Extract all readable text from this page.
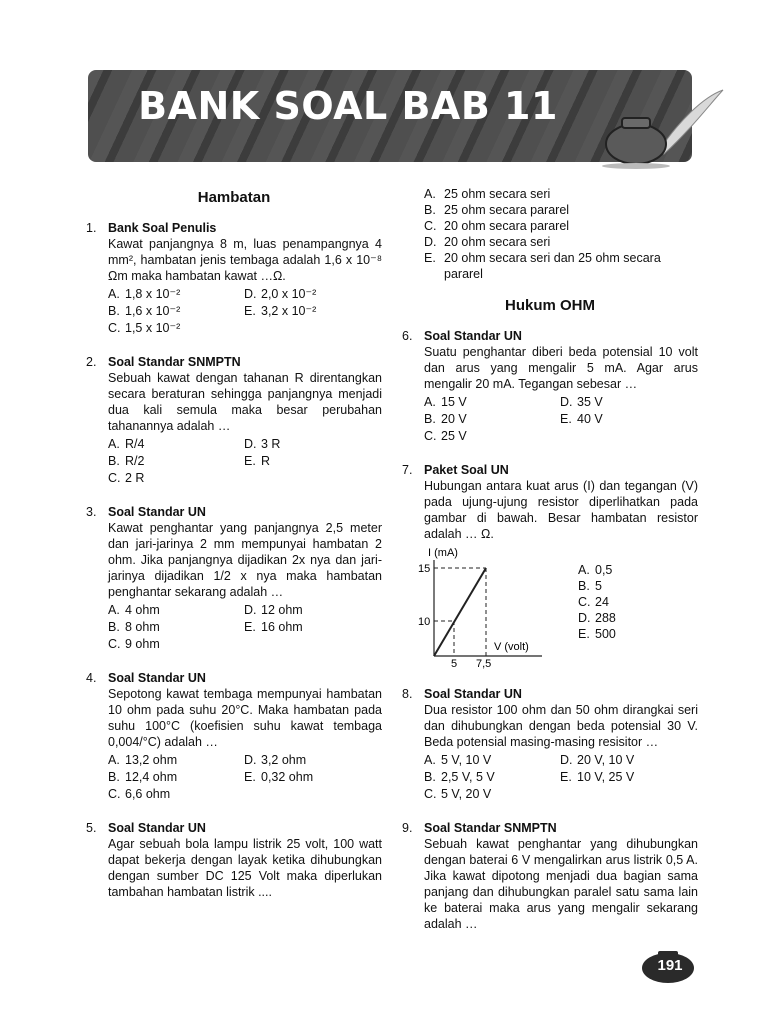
BANK SOAL BAB 11
Hambatan
1. Bank Soal Penulis
Kawat panjangnya 8 m, luas penampangnya 4 mm², hambatan jenis tembaga adalah 1,6 x 10⁻⁸ Ωm maka hambatan kawat …Ω.
A. 1,8 x 10⁻²	D. 2,0 x 10⁻²
B. 1,6 x 10⁻²	E. 3,2 x 10⁻²
C. 1,5 x 10⁻²
2. Soal Standar SNMPTN
Sebuah kawat dengan tahanan R direntangkan secara beraturan sehingga panjangnya menjadi dua kali semula maka besar perubahan tahanannya adalah …
A. R/4	D. 3 R
B. R/2	E. R
C. 2 R
3. Soal Standar UN
Kawat penghantar yang panjangnya 2,5 meter dan jari-jarinya 2 mm mempunyai hambatan 2 ohm. Jika panjangnya dijadikan 2x nya dan jari-jarinya dijadikan 1/2 x nya maka hambatan penghantar sekarang adalah …
A. 4 ohm	D. 12 ohm
B. 8 ohm	E. 16 ohm
C. 9 ohm
4. Soal Standar UN
Sepotong kawat tembaga mempunyai hambatan 10 ohm pada suhu 20°C. Maka hambatan pada suhu 100°C (koefisien suhu kawat tembaga 0,004/°C) adalah …
A. 13,2 ohm	D. 3,2 ohm
B. 12,4 ohm	E. 0,32 ohm
C. 6,6 ohm
5. Soal Standar UN
Agar sebuah bola lampu listrik 25 volt, 100 watt dapat bekerja dengan layak ketika dihubungkan dengan sumber DC 125 Volt maka diperlukan tambahan hambatan listrik ....
A. 25 ohm secara seri
B. 25 ohm secara pararel
C. 20 ohm secara pararel
D. 20 ohm secara seri
E. 20 ohm secara seri dan 25 ohm secara pararel
Hukum OHM
6. Soal Standar UN
Suatu penghantar diberi beda potensial 10 volt dan arus yang mengalir 5 mA. Agar arus mengalir 20 mA. Tegangan sebesar …
A. 15 V	D. 35 V
B. 20 V	E. 40 V
C. 25 V
7. Paket Soal UN
Hubungan antara kuat arus (I) dan tegangan (V) pada ujung-ujung resistor diperlihatkan pada gambar di bawah. Besar hambatan resistor adalah … Ω.
I (mA)
15
10
5 7,5
V (volt)
A. 0,5
B. 5
C. 24
D. 288
E. 500
8. Soal Standar UN
Dua resistor 100 ohm dan 50 ohm dirangkai seri dan dihubungkan dengan beda potensial 30 V. Beda potensial masing-masing resisitor …
A. 5 V, 10 V	D. 20 V, 10 V
B. 2,5 V, 5 V	E. 10 V, 25 V
C. 5 V, 20 V
9. Soal Standar SNMPTN
Sebuah kawat penghantar yang dihubungkan dengan baterai 6 V mengalirkan arus listrik 0,5 A. Jika kawat dipotong menjadi dua bagian sama panjang dan dihubungkan paralel satu sama lain ke baterai maka arus yang mengalir sekarang adalah …
191
